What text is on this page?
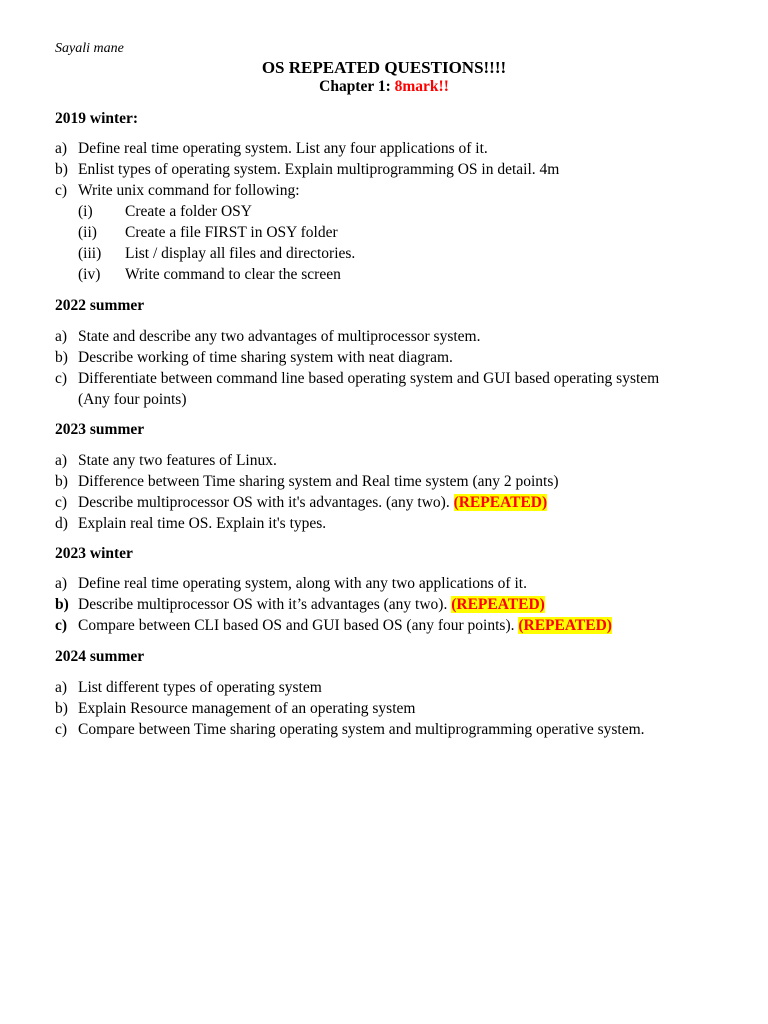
Sayali mane
OS REPEATED QUESTIONS!!!!
Chapter 1: 8mark!!
2019 winter:
a) Define real time operating system. List any four applications of it.
b) Enlist types of operating system. Explain multiprogramming OS in detail. 4m
c) Write unix command for following:
(i) Create a folder OSY
(ii) Create a file FIRST in OSY folder
(iii) List / display all files and directories.
(iv) Write command to clear the screen
2022 summer
a) State and describe any two advantages of multiprocessor system.
b) Describe working of time sharing system with neat diagram.
c) Differentiate between command line based operating system and GUI based operating system
(Any four points)
2023 summer
a) State any two features of Linux.
b) Difference between Time sharing system and Real time system (any 2 points)
c) Describe multiprocessor OS with it's advantages. (any two). (REPEATED)
d) Explain real time OS. Explain it's types.
2023 winter
a) Define real time operating system, along with any two applications of it.
b) Describe multiprocessor OS with it’s advantages (any two). (REPEATED)
c) Compare between CLI based OS and GUI based OS (any four points). (REPEATED)
2024 summer
a) List different types of operating system
b) Explain Resource management of an operating system
c) Compare between Time sharing operating system and multiprogramming operative system.
